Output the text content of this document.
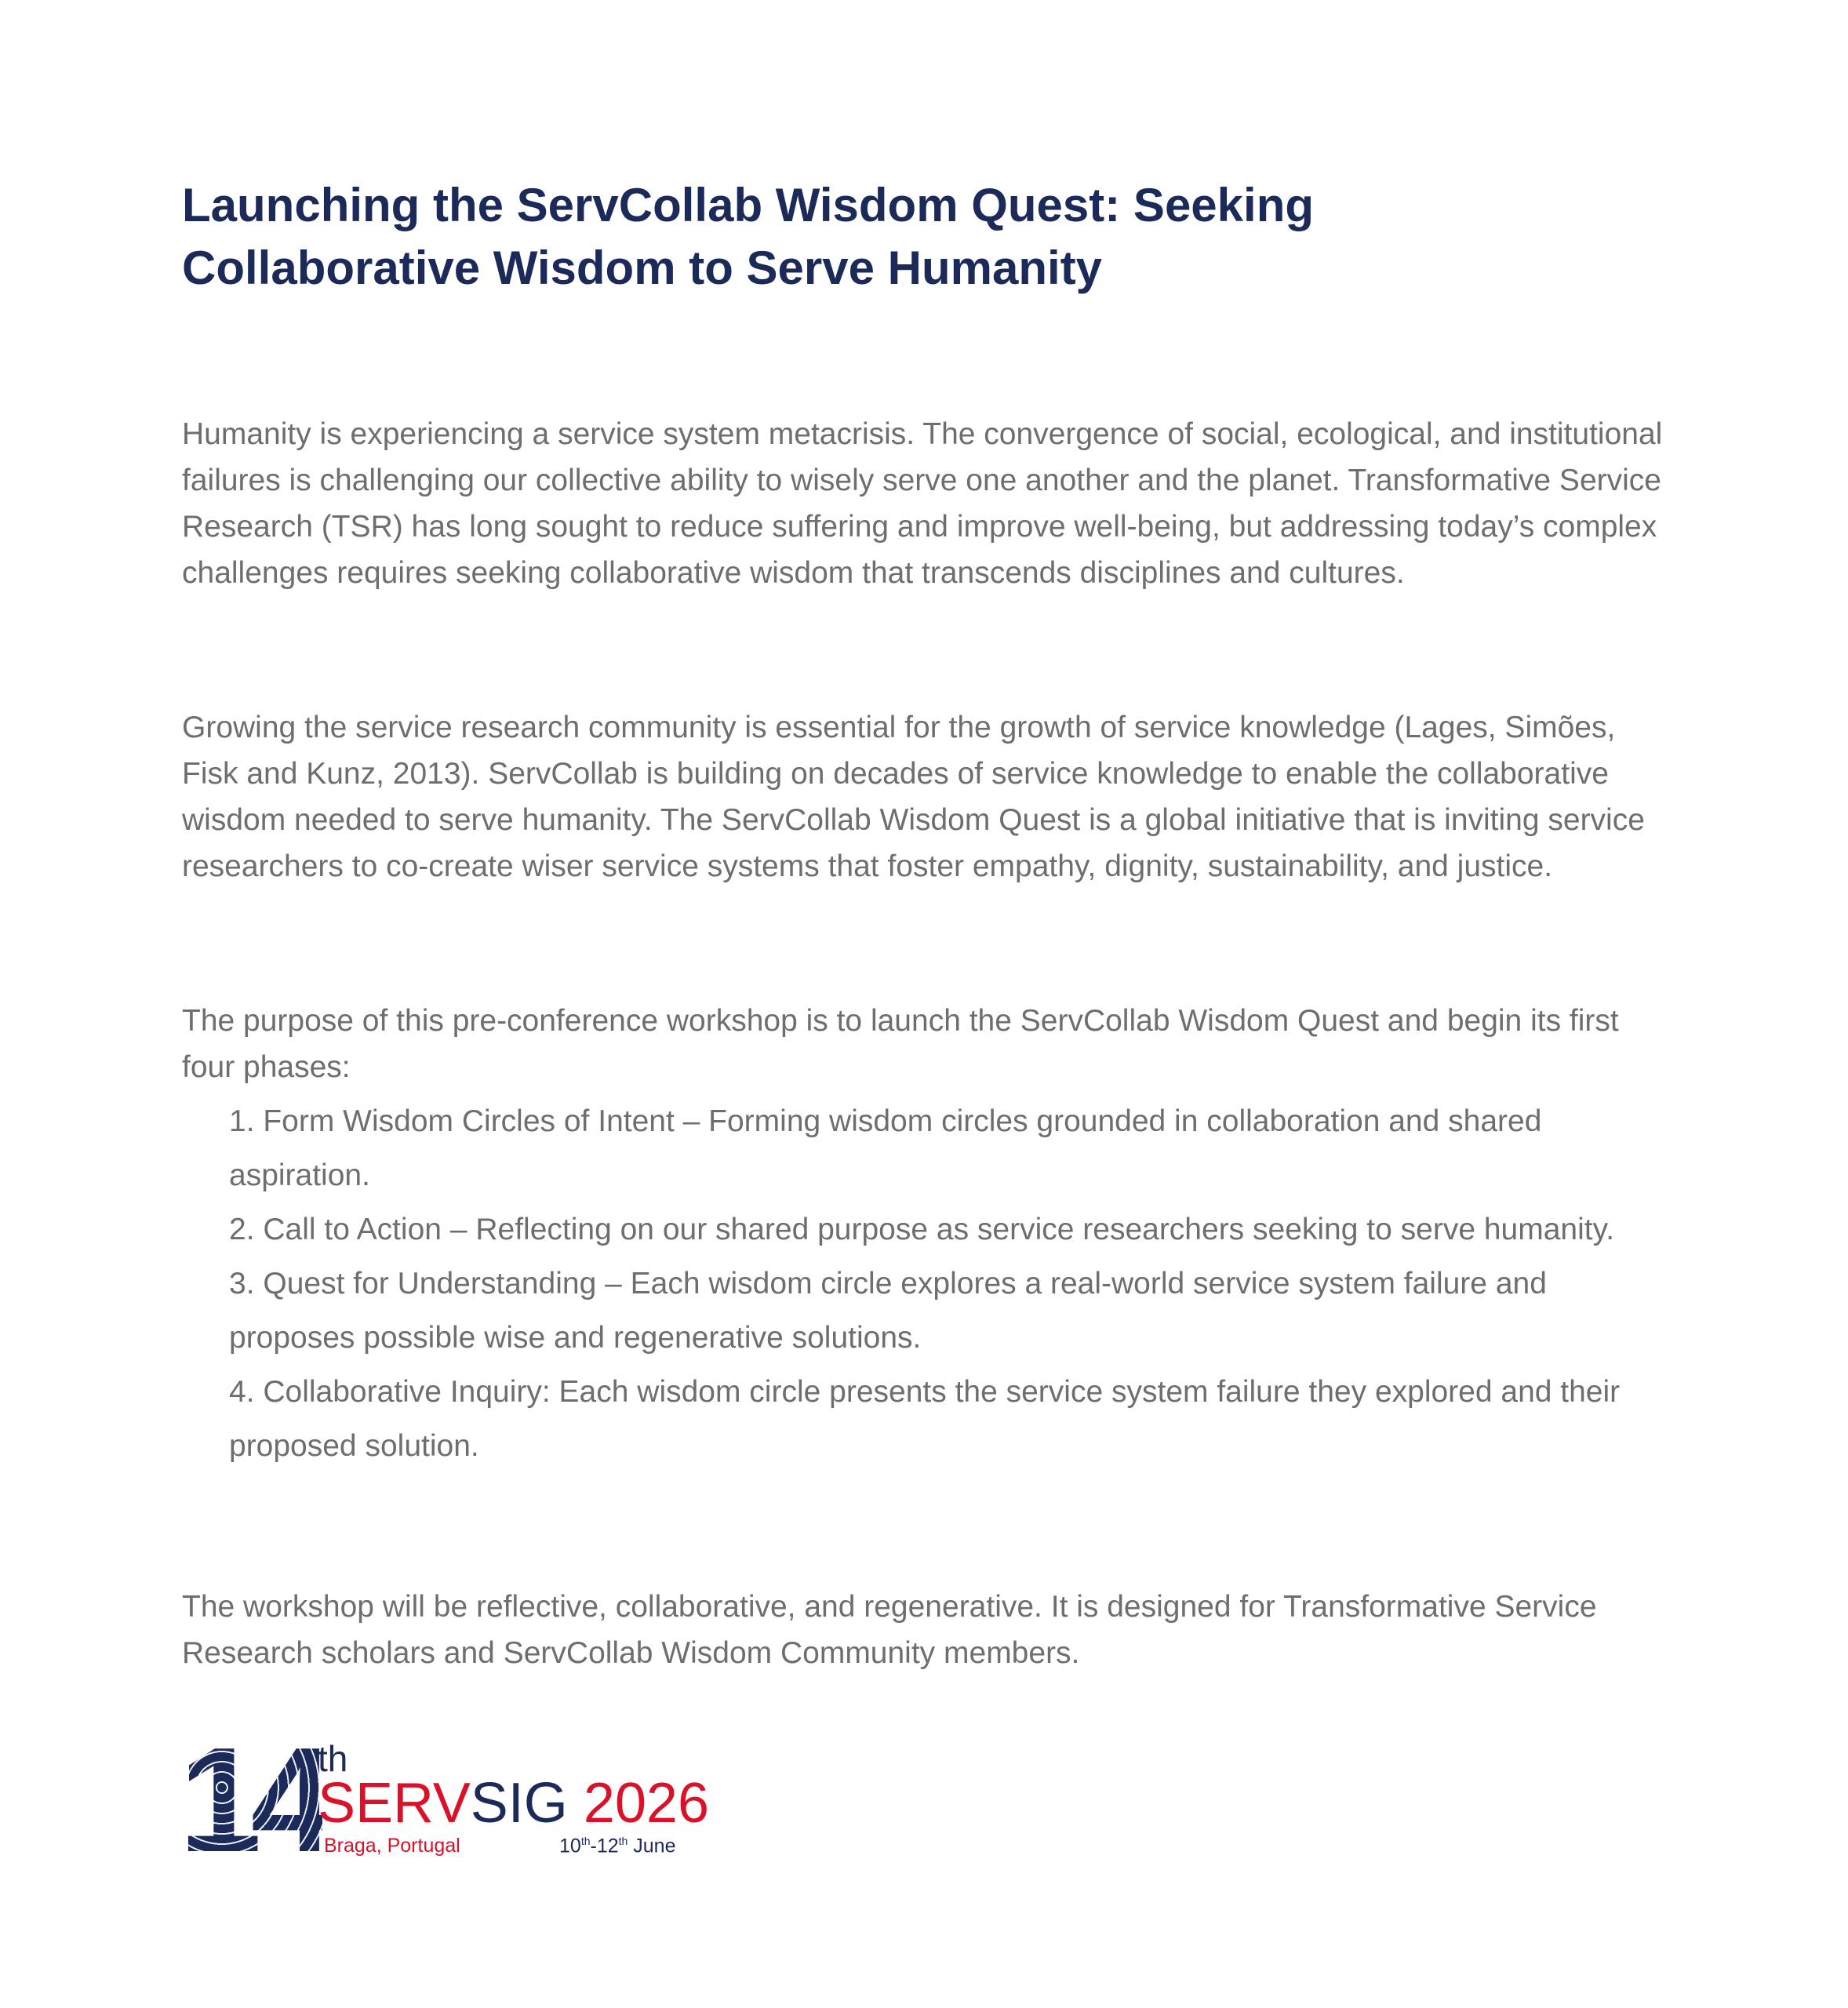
Launching the ServCollab Wisdom Quest: Seeking Collaborative Wisdom to Serve Humanity

Humanity is experiencing a service system metacrisis. The convergence of social, ecological, and institutional failures is challenging our collective ability to wisely serve one another and the planet. Transformative Service Research (TSR) has long sought to reduce suffering and improve well-being, but addressing today’s complex challenges requires seeking collaborative wisdom that transcends disciplines and cultures.

Growing the service research community is essential for the growth of service knowledge (Lages, Simões, Fisk and Kunz, 2013). ServCollab is building on decades of service knowledge to enable the collaborative wisdom needed to serve humanity. The ServCollab Wisdom Quest is a global initiative that is inviting service researchers to co-create wiser service systems that foster empathy, dignity, sustainability, and justice.

The purpose of this pre-conference workshop is to launch the ServCollab Wisdom Quest and begin its first four phases:

1. Form Wisdom Circles of Intent – Forming wisdom circles grounded in collaboration and shared aspiration.
2. Call to Action – Reflecting on our shared purpose as service researchers seeking to serve humanity.
3. Quest for Understanding – Each wisdom circle explores a real-world service system failure and proposes possible wise and regenerative solutions.
4. Collaborative Inquiry: Each wisdom circle presents the service system failure they explored and their proposed solution.

The workshop will be reflective, collaborative, and regenerative. It is designed for Transformative Service Research scholars and ServCollab Wisdom Community members.

14
th
SERVSIG 2026
Braga, Portugal	10th-12th June
